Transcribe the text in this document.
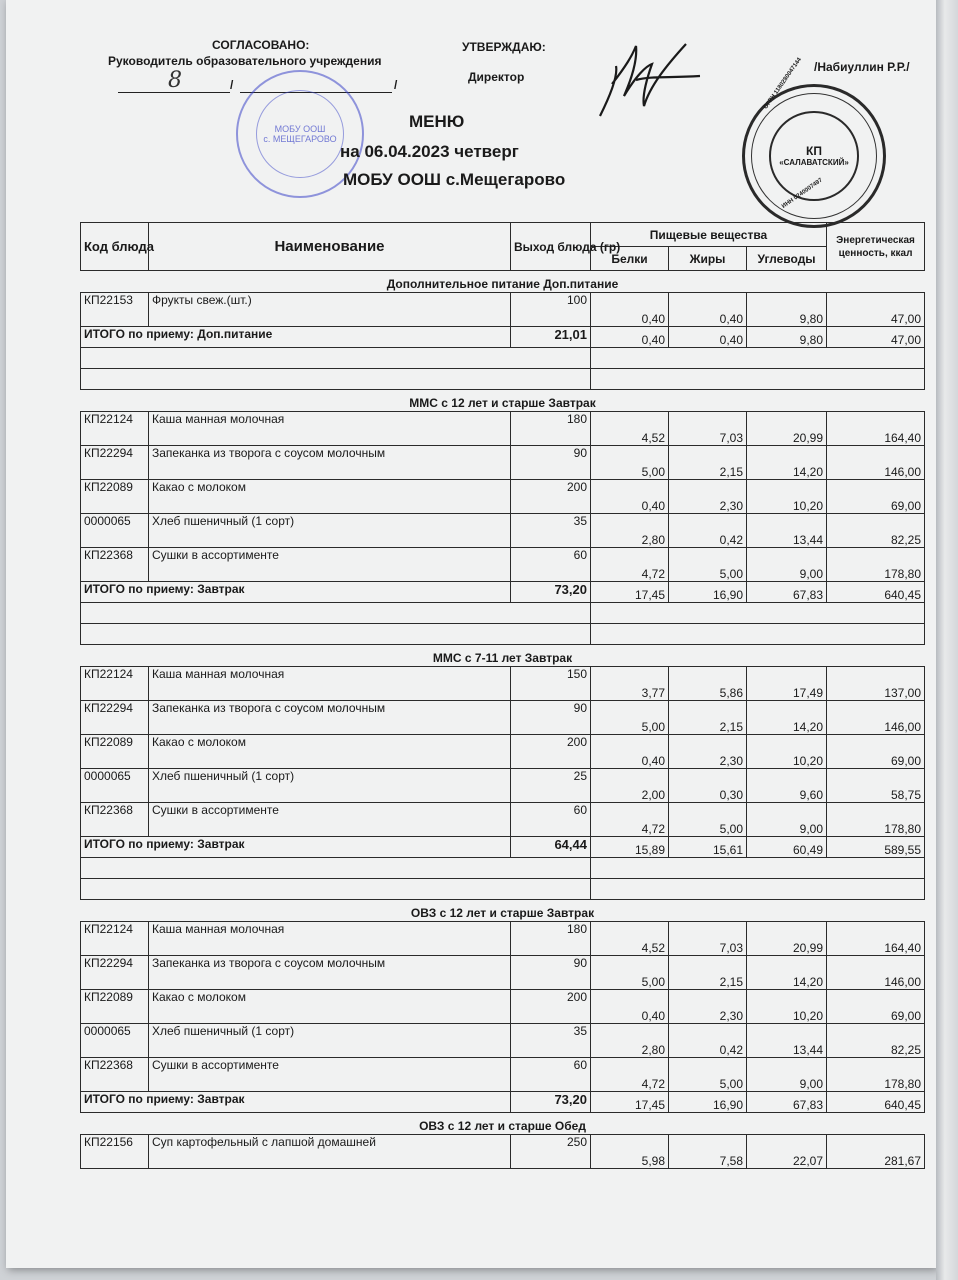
СОГЛАСОВАНО:
Руководитель образовательного учреждения
8	/	/
МОБУ ООШ
с. МЕЩЕГАРОВО
УТВЕРЖДАЮ:
Директор
/Набиуллин Р.Р./
КП
«САЛАВАТСКИЙ»
ОГРН 1180280047144
ИНН 0240007497
МЕНЮ
на 06.04.2023 четверг
МОБУ ООШ с.Мещегарово
Код блюда	Наименование	Выход блюда (гр)	Пищевые вещества			Энергетическая ценность, ккал
			Белки	Жиры	Углеводы	
Дополнительное питание Доп.питание						
КП22153	Фрукты свеж.(шт.)	100	0,40	0,40	9,80	47,00
ИТОГО по приему: Доп.питание		21,01	0,40	0,40	9,80	47,00

ММС с 12 лет и старше Завтрак						
КП22124	Каша манная молочная	180	4,52	7,03	20,99	164,40
КП22294	Запеканка из творога с соусом молочным	90	5,00	2,15	14,20	146,00
КП22089	Какао с молоком	200	0,40	2,30	10,20	69,00
0000065	Хлеб пшеничный (1 сорт)	35	2,80	0,42	13,44	82,25
КП22368	Сушки в ассортименте	60	4,72	5,00	9,00	178,80
ИТОГО по приему: Завтрак		73,20	17,45	16,90	67,83	640,45

ММС с 7-11 лет Завтрак						
КП22124	Каша манная молочная	150	3,77	5,86	17,49	137,00
КП22294	Запеканка из творога с соусом молочным	90	5,00	2,15	14,20	146,00
КП22089	Какао с молоком	200	0,40	2,30	10,20	69,00
0000065	Хлеб пшеничный (1 сорт)	25	2,00	0,30	9,60	58,75
КП22368	Сушки в ассортименте	60	4,72	5,00	9,00	178,80
ИТОГО по приему: Завтрак		64,44	15,89	15,61	60,49	589,55

ОВЗ с 12 лет и старше Завтрак						
КП22124	Каша манная молочная	180	4,52	7,03	20,99	164,40
КП22294	Запеканка из творога с соусом молочным	90	5,00	2,15	14,20	146,00
КП22089	Какао с молоком	200	0,40	2,30	10,20	69,00
0000065	Хлеб пшеничный (1 сорт)	35	2,80	0,42	13,44	82,25
КП22368	Сушки в ассортименте	60	4,72	5,00	9,00	178,80
ИТОГО по приему: Завтрак		73,20	17,45	16,90	67,83	640,45
ОВЗ с 12 лет и старше Обед						
КП22156	Суп картофельный с лапшой домашней	250	5,98	7,58	22,07	281,67
